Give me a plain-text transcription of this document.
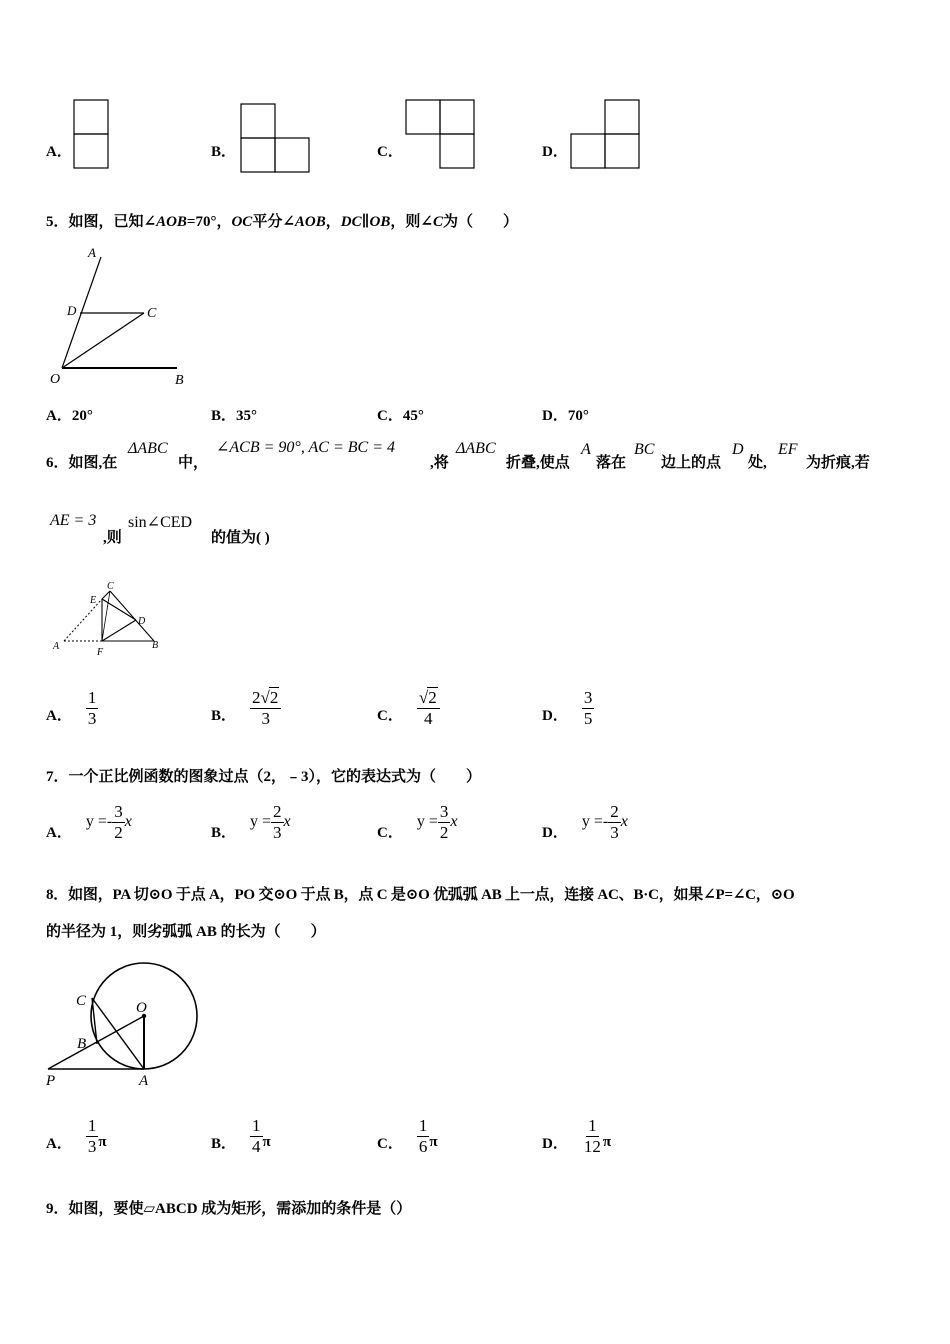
A．	B．	C．	D．
5．如图，已知∠AOB=70°，OC平分∠AOB，DC∥OB，则∠C为（　　）
A
D	C
O	B
A．20°	B．35°	C．45°	D．70°
6．如图,在
ΔABC
中，
∠ACB = 90°, AC = BC = 4
,将
ΔABC
折叠,使点
A
落在
BC
边上的点
D
处,
EF
为折痕,若
AE = 3
,则
sin∠CED
的值为( )
C
E
D
A
F
B
A． $\frac{1}{3}$	B． $\frac{2√2}{3}$	C． $\frac{√2}{4}$	D． $\frac{3}{5}$
7．一个正比例函数的图象过点（2，﹣3），它的表达式为（　　）
A．
$y =- \frac{3}{2}$ x
B．
$y = \frac{2}{3}$ x
C．
$y = \frac{3}{2}$ x
D．
$y =- \frac{2}{3}$ x
8．如图，PA 切⊙O 于点 A，PO 交⊙O 于点 B，点 C 是⊙O 优弧弧 AB 上一点，连接 AC、B·C，如果∠P=∠C，⊙O
的半径为 1，则劣弧弧 AB 的长为（　　）
C	O
B
P	A
A． $\frac{1}{3}$ π	B． $\frac{1}{4}$ π	C． $\frac{1}{6}$ π	D． $\frac{1}{12}$ π
9．如图，要使▱ABCD 成为矩形，需添加的条件是（）
